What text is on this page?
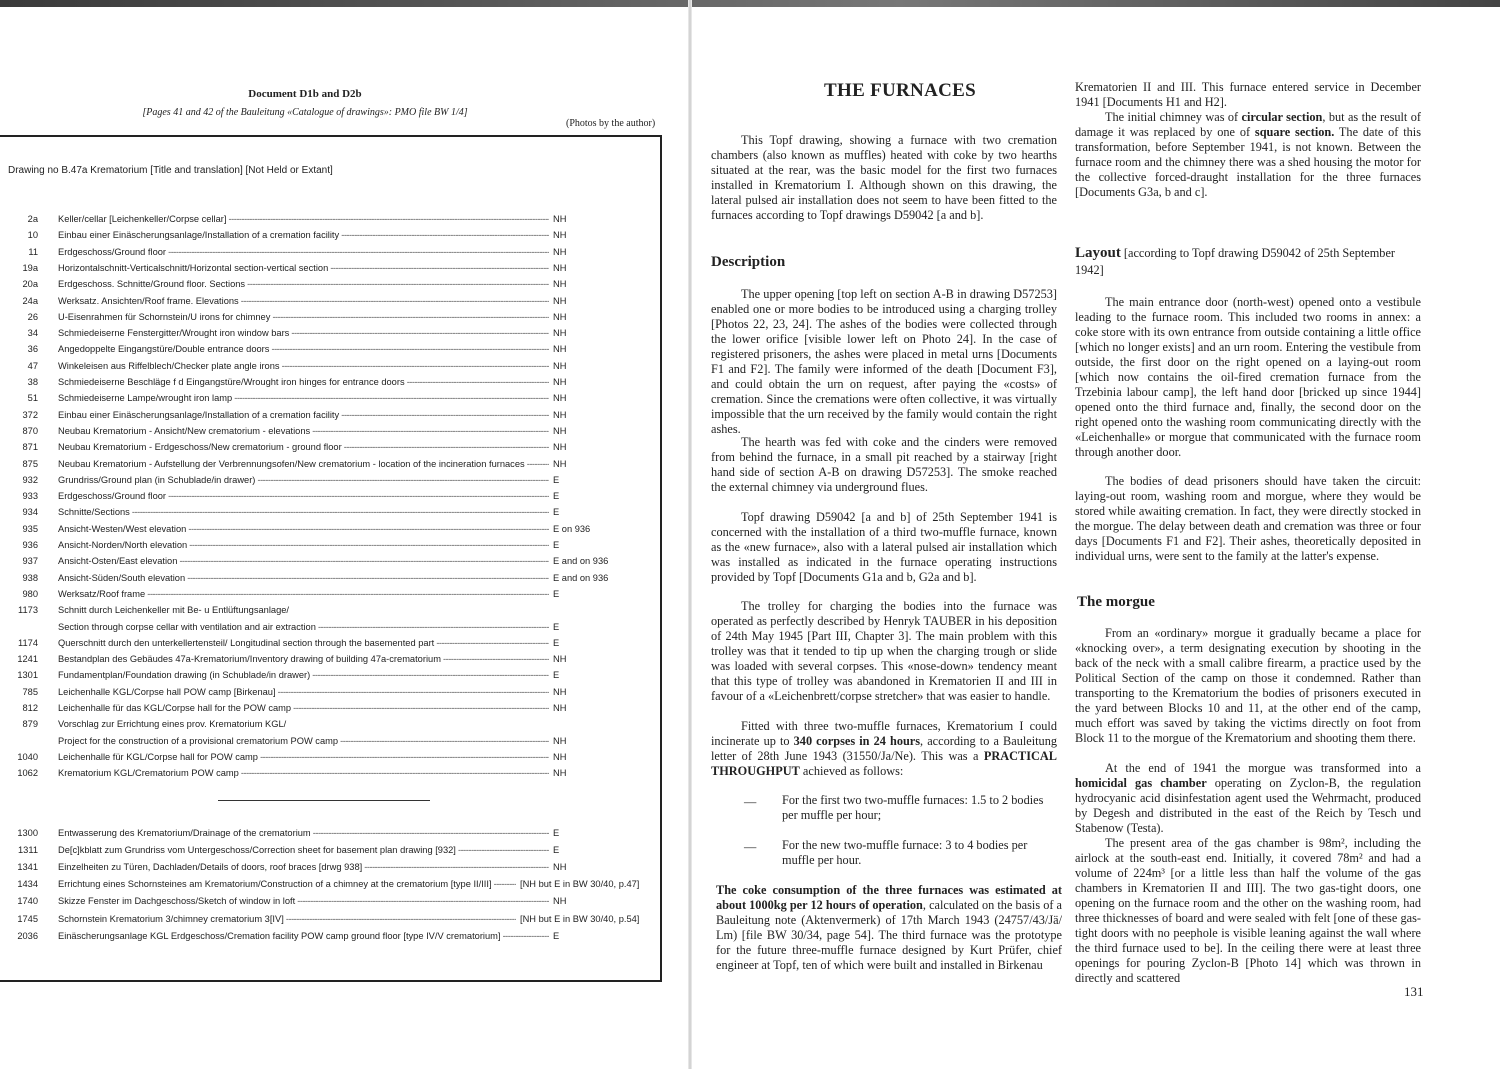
Document D1b and D2b
[Pages 41 and 42 of the Bauleitung «Catalogue of drawings»: PMO file BW 1/4]
(Photos by the author)
Drawing no B.47a Krematorium [Title and translation] [Not Held or Extant]
2a Keller/cellar [Leichenkeller/Corpse cellar] -----	NH
10 Einbau einer Einäscherungsanlage/Installation of a cremation facility -----	NH
11 Erdgeschoss/Ground floor -----	NH
19a Horizontalschnitt-Verticalschnitt/Horizontal section-vertical section -----	NH
20a Erdgeschoss. Schnitte/Ground floor. Sections -----	NH
24a Werksatz. Ansichten/Roof frame. Elevations -----	NH
26 U-Eisenrahmen für Schornstein/U irons for chimney -----	NH
34 Schmiedeiserne Fenstergitter/Wrought iron window bars -----	NH
36 Angedoppelte Eingangstüre/Double entrance doors -----	NH
47 Winkeleisen aus Riffelblech/Checker plate angle irons -----	NH
38 Schmiedeiserne Beschläge f d Eingangstüre/Wrought iron hinges for entrance doors -----	NH
51 Schmiedeiserne Lampe/wrought iron lamp -----	NH
372 Einbau einer Einäscherungsanlage/Installation of a cremation facility -----	NH
870 Neubau Krematorium - Ansicht/New crematorium - elevations -----	NH
871 Neubau Krematorium - Erdgeschoss/New crematorium - ground floor -----	NH
875 Neubau Krematorium - Aufstellung der Verbrennungsofen/New crematorium - location of the incineration furnaces -----	NH
932 Grundriss/Ground plan (in Schublade/in drawer) -----	E
933 Erdgeschoss/Ground floor -----	E
934 Schnitte/Sections -----	E
935 Ansicht-Westen/West elevation -----	E on 936
936 Ansicht-Norden/North elevation -----	E
937 Ansicht-Osten/East elevation -----	E and on 936
938 Ansicht-Süden/South elevation -----	E and on 936
980 Werksatz/Roof frame -----	E
1173 Schnitt durch Leichenkeller mit Be- u Entlüftungsanlage/
Section through corpse cellar with ventilation and air extraction -----	E
1174 Querschnitt durch den unterkellertensteil/ Longitudinal section through the basemented part -----	E
1241 Bestandplan des Gebäudes 47a-Krematorium/Inventory drawing of building 47a-crematorium -----	NH
1301 Fundamentplan/Foundation drawing (in Schublade/in drawer) -----	E
785 Leichenhalle KGL/Corpse hall POW camp [Birkenau] -----	NH
812 Leichenhalle für das KGL/Corpse hall for the POW camp -----	NH
879 Vorschlag zur Errichtung eines prov. Krematorium KGL/
Project for the construction of a provisional crematorium POW camp -----	NH
1040 Leichenhalle für KGL/Corpse hall for POW camp -----	NH
1062 Krematorium KGL/Crematorium POW camp -----	NH
1300 Entwasserung des Krematorium/Drainage of the crematorium -----	E
1311 De[c]kblatt zum Grundriss vom Untergeschoss/Correction sheet for basement plan drawing [932] -----	E
1341 Einzelheiten zu Türen, Dachladen/Details of doors, roof braces [drwg 938] -----	NH
1434 Errichtung eines Schornsteines am Krematorium/Construction of a chimney at the crematorium [type II/III] -----	[NH but E in BW 30/40, p.47]
1740 Skizze Fenster im Dachgeschoss/Sketch of window in loft -----	NH
1745 Schornstein Krematorium 3/chimney crematorium 3[IV] -----	[NH but E in BW 30/40, p.54]
2036 Einäscherungsanlage KGL Erdgeschoss/Cremation facility POW camp ground floor [type IV/V crematorium] -----	E
THE FURNACES
This Topf drawing, showing a furnace with two cremation chambers (also known as muffles) heated with coke by two hearths situated at the rear, was the basic model for the first two furnaces installed in Krematorium I. Although shown on this drawing, the lateral pulsed air installation does not seem to have been fitted to the furnaces according to Topf drawings D59042 [a and b].
Description
The upper opening [top left on section A-B in drawing D57253] enabled one or more bodies to be introduced using a charging trolley [Photos 22, 23, 24]. The ashes of the bodies were collected through the lower orifice [visible lower left on Photo 24]. In the case of registered prisoners, the ashes were placed in metal urns [Documents F1 and F2]. The family were informed of the death [Document F3], and could obtain the urn on request, after paying the «costs» of cremation. Since the cremations were often collective, it was virtually impossible that the urn received by the family would contain the right ashes.
The hearth was fed with coke and the cinders were removed from behind the furnace, in a small pit reached by a stairway [right hand side of section A-B on drawing D57253]. The smoke reached the external chimney via underground flues.
Topf drawing D59042 [a and b] of 25th September 1941 is concerned with the installation of a third two-muffle furnace, known as the «new furnace», also with a lateral pulsed air installation which was installed as indicated in the furnace operating instructions provided by Topf [Documents G1a and b, G2a and b].
The trolley for charging the bodies into the furnace was operated as perfectly described by Henryk TAUBER in his deposition of 24th May 1945 [Part III, Chapter 3]. The main problem with this trolley was that it tended to tip up when the charging trough or slide was loaded with several corpses. This «nose-down» tendency meant that this type of trolley was abandoned in Krematorien II and III in favour of a «Leichenbrett/corpse stretcher» that was easier to handle.
Fitted with three two-muffle furnaces, Krematorium I could incinerate up to 340 corpses in 24 hours, according to a Bauleitung letter of 28th June 1943 (31550/Ja/Ne). This was a PRACTICAL THROUGHPUT achieved as follows:
— For the first two two-muffle furnaces: 1.5 to 2 bodies per muffle per hour;
— For the new two-muffle furnace: 3 to 4 bodies per muffle per hour.
The coke consumption of the three furnaces was estimated at about 1000kg per 12 hours of operation, calculated on the basis of a Bauleitung note (Aktenvermerk) of 17th March 1943 (24757/43/Jä/ Lm) [file BW 30/34, page 54]. The third furnace was the prototype for the future three-muffle furnace designed by Kurt Prüfer, chief engineer at Topf, ten of which were built and installed in Birkenau
Krematorien II and III. This furnace entered service in December 1941 [Documents H1 and H2].
The initial chimney was of circular section, but as the result of damage it was replaced by one of square section. The date of this transformation, before September 1941, is not known. Between the furnace room and the chimney there was a shed housing the motor for the collective forced-draught installation for the three furnaces [Documents G3a, b and c].
Layout [according to Topf drawing D59042 of 25th September 1942]
The main entrance door (north-west) opened onto a vestibule leading to the furnace room. This included two rooms in annex: a coke store with its own entrance from outside containing a little office [which no longer exists] and an urn room. Entering the vestibule from outside, the first door on the right opened on a laying-out room [which now contains the oil-fired cremation furnace from the Trzebinia labour camp], the left hand door [bricked up since 1944] opened onto the third furnace and, finally, the second door on the right opened onto the washing room communicating directly with the «Leichenhalle» or morgue that communicated with the furnace room through another door.
The bodies of dead prisoners should have taken the circuit: laying-out room, washing room and morgue, where they would be stored while awaiting cremation. In fact, they were directly stocked in the morgue. The delay between death and cremation was three or four days [Documents F1 and F2]. Their ashes, theoretically deposited in individual urns, were sent to the family at the latter's expense.
The morgue
From an «ordinary» morgue it gradually became a place for «knocking over», a term designating execution by shooting in the back of the neck with a small calibre firearm, a practice used by the Political Section of the camp on those it condemned. Rather than transporting to the Krematorium the bodies of prisoners executed in the yard between Blocks 10 and 11, at the other end of the camp, much effort was saved by taking the victims directly on foot from Block 11 to the morgue of the Krematorium and shooting them there.
At the end of 1941 the morgue was transformed into a homicidal gas chamber operating on Zyclon-B, the regulation hydrocyanic acid disinfestation agent used the Wehrmacht, produced by Degesh and distributed in the east of the Reich by Tesch und Stabenow (Testa).
The present area of the gas chamber is 98m², including the airlock at the south-east end. Initially, it covered 78m² and had a volume of 224m³ [or a little less than half the volume of the gas chambers in Krematorien II and III]. The two gas-tight doors, one opening on the furnace room and the other on the washing room, had three thicknesses of board and were sealed with felt [one of these gas-tight doors with no peephole is visible leaning against the wall where the third furnace used to be]. In the ceiling there were at least three openings for pouring Zyclon-B [Photo 14] which was thrown in directly and scattered
131
